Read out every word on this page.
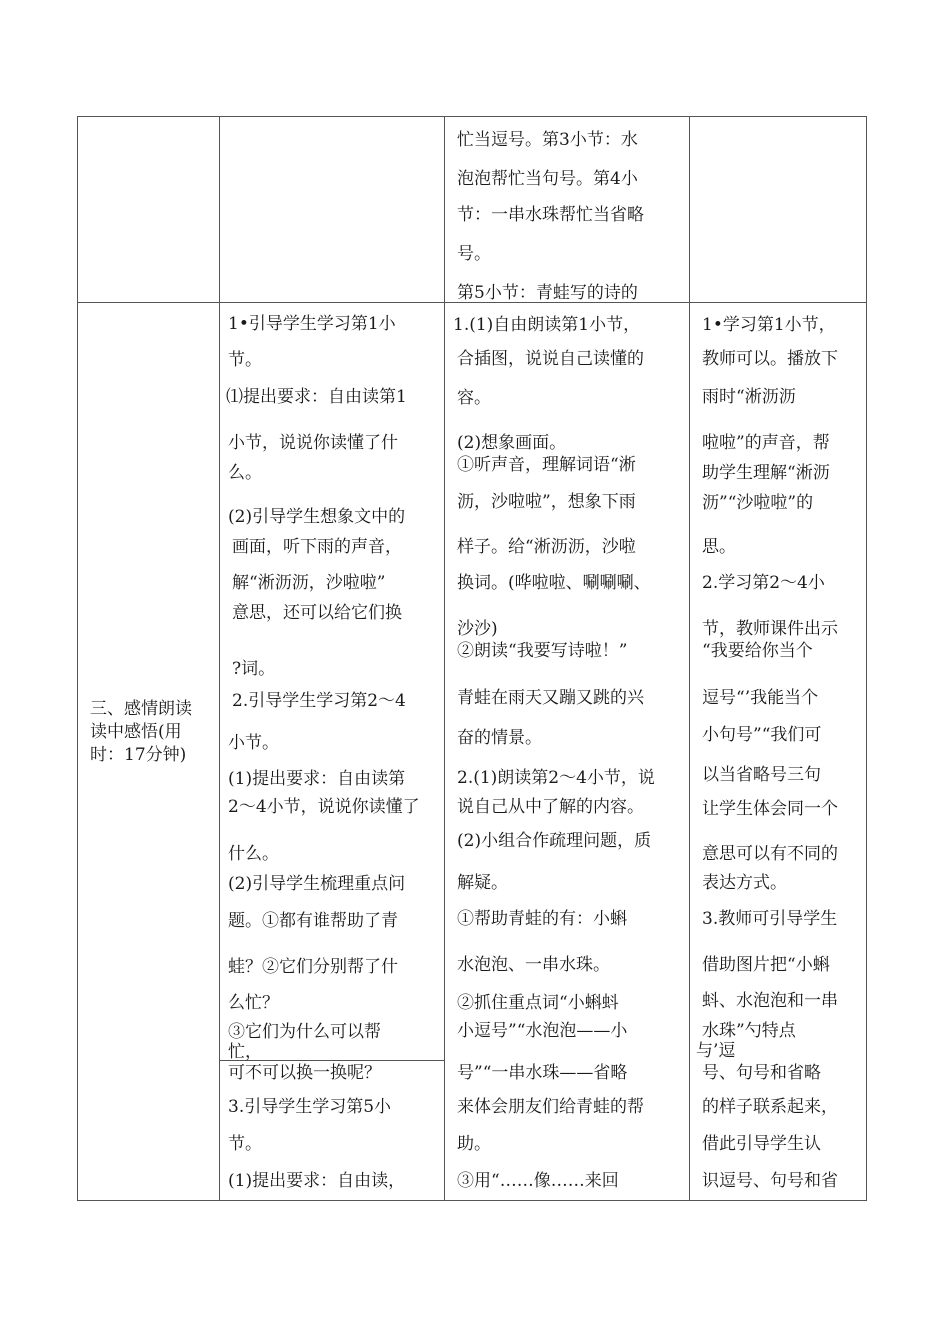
忙当逗号。第3小节：水
泡泡帮忙当句号。第4小
节：一串水珠帮忙当省略
号。
第5小节：青蛙写的诗的
三、感情朗读
读中感悟(用
时：17分钟)
1•引导学生学习第1小
节。
⑴提出要求：自由读第1
小节，说说你读懂了什
么。
(2)引导学生想象文中的
画面，听下雨的声音，
解“淅沥沥，沙啦啦”
意思，还可以给它们换
?词。
2.引导学生学习第2〜4
小节。
(1)提出要求：自由读第
2〜4小节，说说你读懂了
什么。
(2)引导学生梳理重点问
题。①都有谁帮助了青
蛙？②它们分别帮了什
么忙？
③它们为什么可以帮
忙，
可不可以换一换呢？
3.引导学生学习第5小
节。
(1)提出要求：自由读，
1.(1)自由朗读第1小节，
合插图，说说自己读懂的
容。
(2)想象画面。
①听声音，理解词语“淅
沥，沙啦啦”，想象下雨
样子。给“淅沥沥，沙啦
换词。(哗啦啦、唰唰唰、
沙沙)
②朗读“我要写诗啦！”
青蛙在雨天又蹦又跳的兴
奋的情景。
2.(1)朗读第2〜4小节，说
说自己从中了解的内容。
(2)小组合作疏理问题，质
解疑。
①帮助青蛙的有：小蝌
水泡泡、一串水珠。
②抓住重点词“小蝌蚪
小逗号”“水泡泡——小
号”“一串水珠——省略
来体会朋友们给青蛙的帮
助。
③用“……像……来回
1•学习第1小节，
教师可以。播放下
雨时“淅沥沥
啦啦”的声音，帮
助学生理解“淅沥
沥”“沙啦啦”的
思。
2.学习第2〜4小
节，教师课件出示
“我要给你当个
逗号“’我能当个
小句号”“我们可
以当省略号三句
让学生体会同一个
意思可以有不同的
表达方式。
3.教师可引导学生
借助图片把“小蝌
蚪、水泡泡和一串
水珠”勺特点
与’逗
号、句号和省略
的样子联系起来，
借此引导学生认
识逗号、句号和省
